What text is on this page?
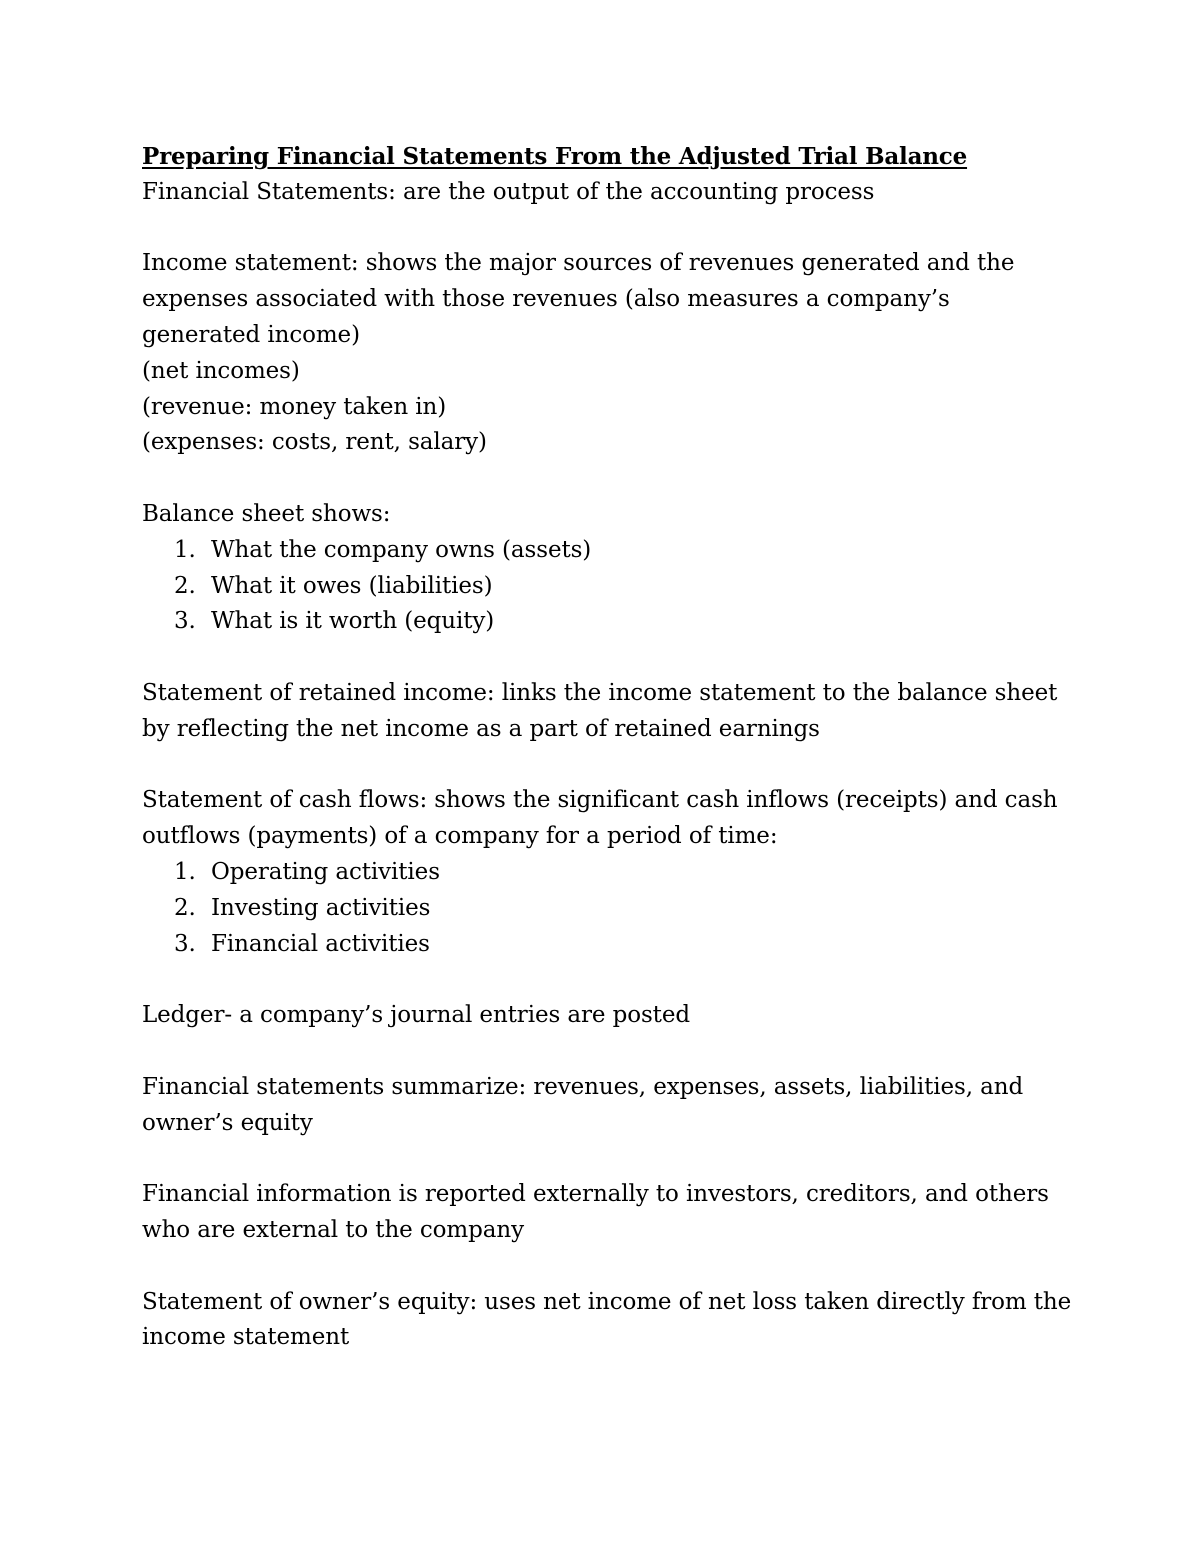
Preparing Financial Statements From the Adjusted Trial Balance

Financial Statements: are the output of the accounting process

Income statement: shows the major sources of revenues generated and the expenses associated with those revenues (also measures a company’s generated income)

(net incomes)

(revenue: money taken in)

(expenses: costs, rent, salary)

Balance sheet shows:

1. What the company owns (assets)
2. What it owes (liabilities)
3. What is it worth (equity)

Statement of retained income: links the income statement to the balance sheet by reflecting the net income as a part of retained earnings

Statement of cash flows: shows the significant cash inflows (receipts) and cash outflows (payments) of a company for a period of time:

1. Operating activities
2. Investing activities
3. Financial activities

Ledger- a company’s journal entries are posted

Financial statements summarize: revenues, expenses, assets, liabilities, and owner’s equity

Financial information is reported externally to investors, creditors, and others who are external to the company

Statement of owner’s equity: uses net income of net loss taken directly from the income statement
